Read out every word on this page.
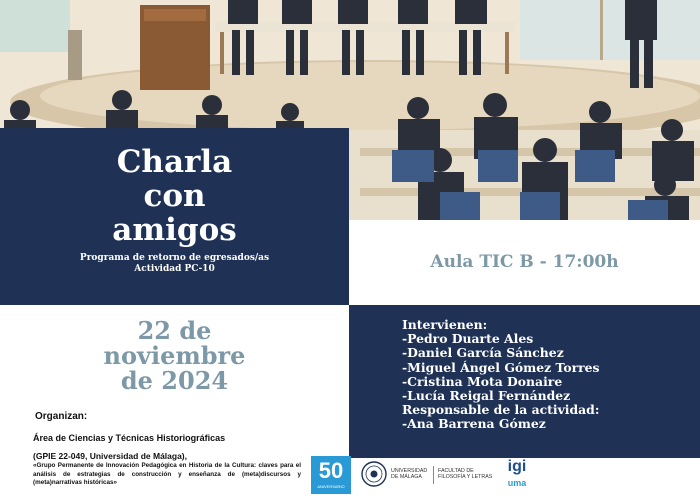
Charla
con
amigos
Programa de retorno de egresados/as
Actividad PC-10	Aula TIC B - 17:00h
22 de
noviembre
de 2024
Intervienen:
-Pedro Duarte Ales
-Daniel García Sánchez
-Miguel Ángel Gómez Torres
-Cristina Mota Donaire
-Lucía Reigal Fernández
Responsable de la actividad:
-Ana Barrena Gómez
Organizan:
Área de Ciencias y Técnicas Historiográficas
(GPIE 22-049, Universidad de Málaga),
«Grupo Permanente de Innovación Pedagógica en Historia de la Cultura: claves para el análisis de estrategias de construcción y enseñanza de (meta)discursos y (meta)narrativas históricas»	50
ANIVERSARIO
UNIVERSIDAD
DE MÁLAGA
FACULTAD DE
FILOSOFÍA Y LETRAS
igi
uma
